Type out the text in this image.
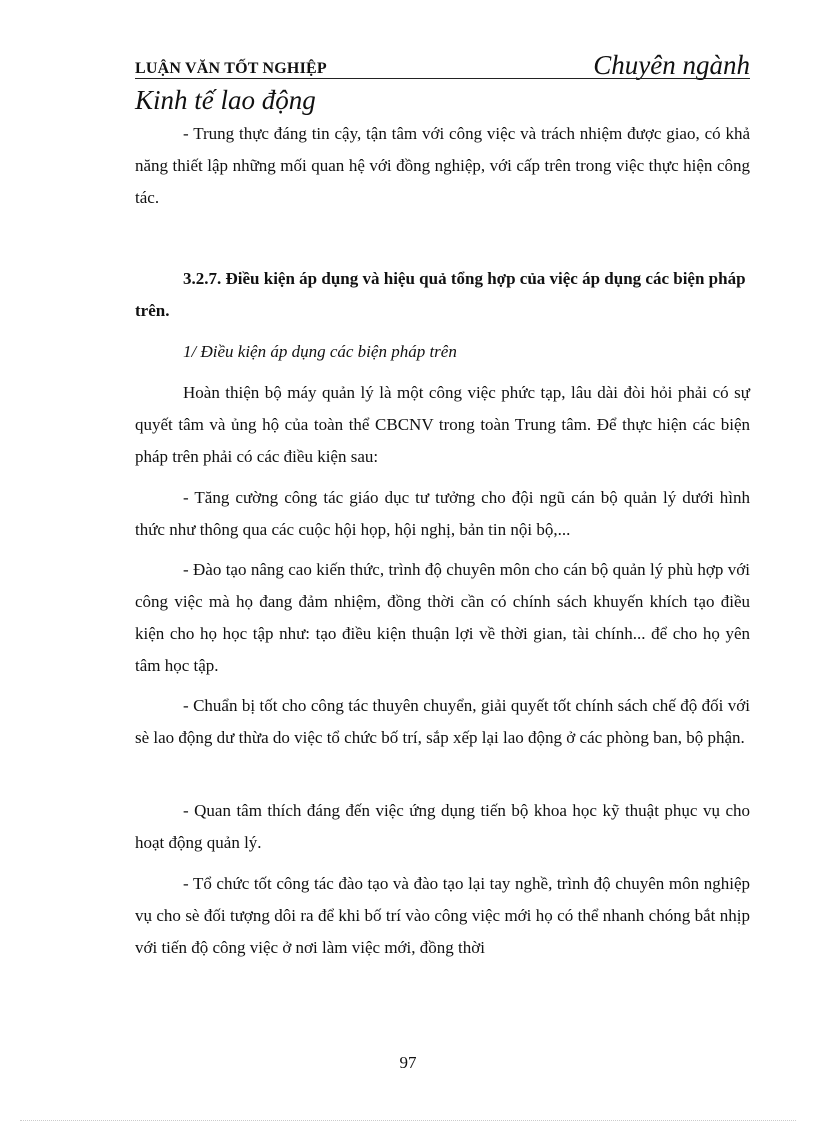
LUẬN VĂN TỐT NGHIỆP	Chuyên ngành
Kinh tế lao động

- Trung thực đáng tin cậy, tận tâm với công việc và trách nhiệm được giao, có khả năng thiết lập những mối quan hệ với đồng nghiệp, với cấp trên trong việc thực hiện công tác.

3.2.7. Điều kiện áp dụng và hiệu quả tổng hợp của việc áp dụng các biện pháp trên.

1/ Điều kiện áp dụng các biện pháp trên

Hoàn thiện bộ máy quản lý là một công việc phức tạp, lâu dài đòi hỏi phải có sự quyết tâm và ủng hộ của toàn thể CBCNV trong toàn Trung tâm. Để thực hiện các biện pháp trên phải có các điều kiện sau:

- Tăng cường công tác giáo dục tư tưởng cho đội ngũ cán bộ quản lý dưới hình thức như thông qua các cuộc hội họp, hội nghị, bản tin nội bộ,...

- Đào tạo nâng cao kiến thức, trình độ chuyên môn cho cán bộ quản lý phù hợp với công việc mà họ đang đảm nhiệm, đồng thời cần có chính sách khuyến khích tạo điều kiện cho họ học tập như: tạo điều kiện thuận lợi về thời gian, tài chính... để cho họ yên tâm học tập.

- Chuẩn bị tốt cho công tác thuyên chuyển, giải quyết tốt chính sách chế độ đối với sè lao động dư thừa do việc tổ chức bố trí, sắp xếp lại lao động ở các phòng ban, bộ phận.

- Quan tâm thích đáng đến việc ứng dụng tiến bộ khoa học kỹ thuật phục vụ cho hoạt động quản lý.

- Tổ chức tốt công tác đào tạo và đào tạo lại tay nghề, trình độ chuyên môn nghiệp vụ cho sè đối tượng dôi ra để khi bố trí vào công việc mới họ có thể nhanh chóng bắt nhịp với tiến độ công việc ở nơi làm việc mới, đồng thời

97
